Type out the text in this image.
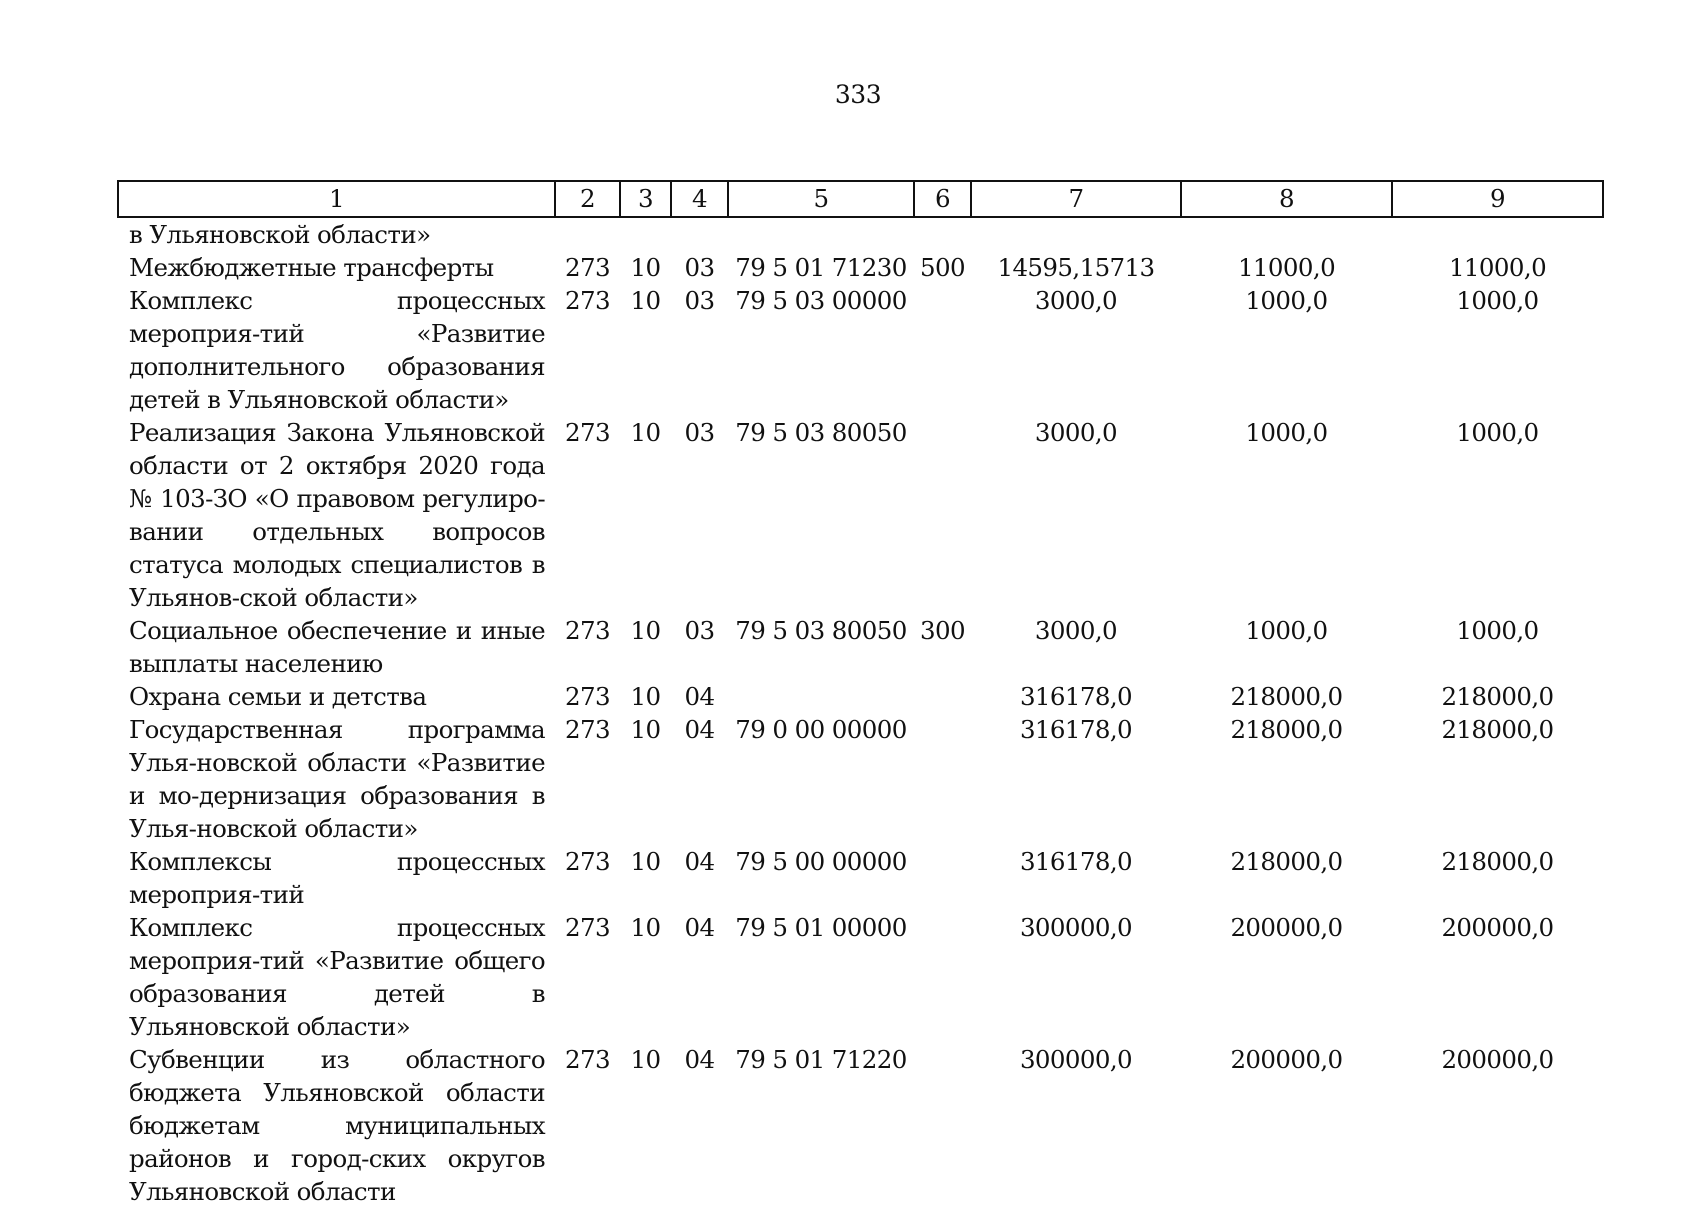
333
1	2	3	4	5	6	7	8	9
в Ульяновской области»								
Межбюджетные трансферты	273	10	03	79 5 01 71230	500	14595,15713	11000,0	11000,0
Комплекс процессных мероприя-тий «Развитие дополнительного образования детей в Ульяновской области»	273	10	03	79 5 03 00000		3000,0	1000,0	1000,0
Реализация Закона Ульяновской области от 2 октября 2020 года № 103-ЗО «О правовом регулиро-вании отдельных вопросов статуса молодых специалистов в Ульянов-ской области»	273	10	03	79 5 03 80050		3000,0	1000,0	1000,0
Социальное обеспечение и иные выплаты населению	273	10	03	79 5 03 80050	300	3000,0	1000,0	1000,0
Охрана семьи и детства	273	10	04			316178,0	218000,0	218000,0
Государственная программа Улья-новской области «Развитие и мо-дернизация образования в Улья-новской области»	273	10	04	79 0 00 00000		316178,0	218000,0	218000,0
Комплексы процессных мероприя-тий	273	10	04	79 5 00 00000		316178,0	218000,0	218000,0
Комплекс процессных мероприя-тий «Развитие общего образования детей в Ульяновской области»	273	10	04	79 5 01 00000		300000,0	200000,0	200000,0
Субвенции из областного бюджета Ульяновской области бюджетам муниципальных районов и город-ских округов Ульяновской области	273	10	04	79 5 01 71220		300000,0	200000,0	200000,0
